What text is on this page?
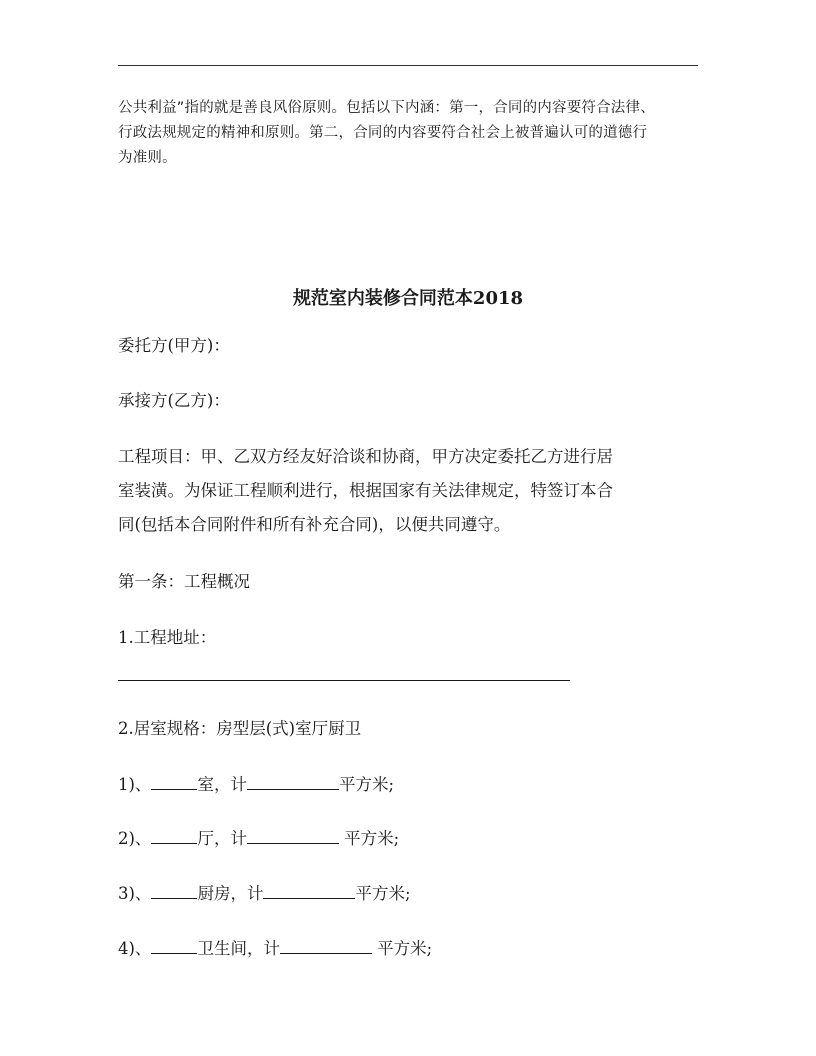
公共利益”指的就是善良风俗原则。包括以下内涵：第一，合同的内容要符合法律、
行政法规规定的精神和原则。第二，合同的内容要符合社会上被普遍认可的道德行
为准则。
规范室内装修合同范本2018
委托方(甲方)：
承接方(乙方)：
工程项目：甲、乙双方经友好洽谈和协商，甲方决定委托乙方进行居
室装潢。为保证工程顺利进行，根据国家有关法律规定，特签订本合
同(包括本合同附件和所有补充合同)，以便共同遵守。
第一条：工程概况
1.工程地址：
2.居室规格：房型层(式)室厅厨卫
1)、	室，计	平方米;
2)、	厅，计	平方米;
3)、	厨房，计	平方米;
4)、	卫生间，计	平方米;
